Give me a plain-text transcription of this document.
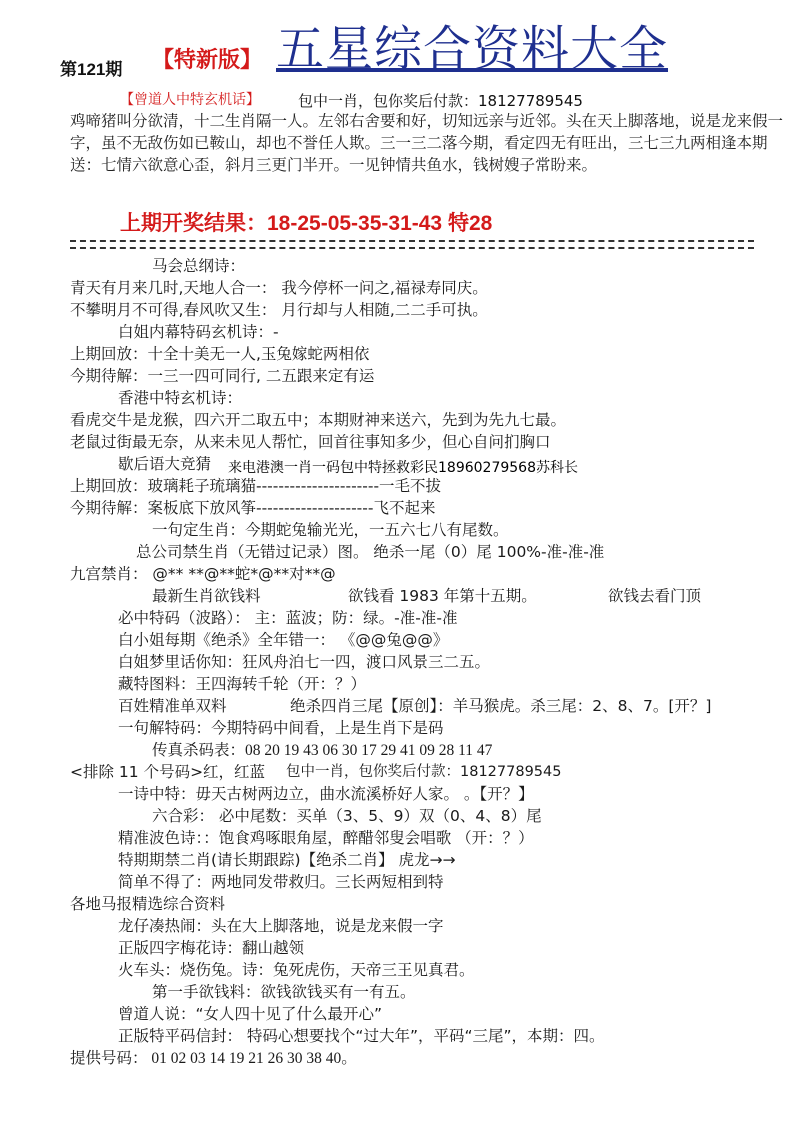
第121期 【特新版】 五星综合资料大全
【曾道人中特玄机话】	包中一肖，包你奖后付款：18127789545
鸡啼猪叫分欲清，十二生肖隔一人。左邻右舍要和好，切知远亲与近邻。头在天上脚落地，说是龙来假一字，虽不无敌伤如已鞍山，却也不誉任人欺。三一三二落今期，看定四无有旺出，三七三九两相逢本期送：七情六欲意心歪，斜月三更门半开。一见钟情共鱼水，钱树嫂子常盼来。
上期开奖结果：18-25-05-35-31-43 特28
马会总纲诗：
青天有月来几时,天地人合一： 我今停杯一问之,福禄寿同庆。
不攀明月不可得,春风吹又生： 月行却与人相随,二二手可执。
白姐内幕特码玄机诗：-
上期回放：十全十美无一人,玉兔嫁蛇两相依
今期待解：一三一四可同行, 二五跟来定有运
香港中特玄机诗：
看虎交牛是龙猴，四六开二取五中；本期财神来送六，先到为先九七最。
老鼠过街最无奈，从来未见人帮忙，回首往事知多少，但心自问扪胸口
歇后语大竞猜 来电港澳一肖一码包中特拯救彩民18960279568苏科长
上期回放：玻璃耗子琉璃猫----------------------一毛不拔
今期待解：案板底下放风筝---------------------飞不起来
一句定生肖：今期蛇兔输光光，一五六七八有尾数。
总公司禁生肖（无错过记录）图。 绝杀一尾（0）尾 100%-准-准-准
九宫禁肖： @** **@**蛇*@**对**@
最新生肖欲钱料	欲钱看 1983 年第十五期。	欲钱去看门顶
必中特码（波路）： 主：蓝波；防：绿。-准-准-准
白小姐每期《绝杀》全年错一： 《@@兔@@》
白姐梦里话你知：狂风舟泊七一四，渡口风景三二五。
藏特图料：王四海转千轮（开：？）
百姓精准单双料	绝杀四肖三尾【原创】：羊马猴虎。杀三尾：2、8、7。[开？]
一句解特码：今期特码中间看，上是生肖下是码
传真杀码表：08 20 19 43 06 30 17 29 41 09 28 11 47
<排除 11 个号码>红，红蓝 包中一肖，包你奖后付款：18127789545
一诗中特：毋天古树两边立，曲水流溪桥好人家。 。【开？】
六合彩： 必中尾数：买单（3、5、9）双（0、4、8）尾
精准波色诗：：饱食鸡啄眼角屋，醉醋邻叟会唱歌 （开：？）
特期期禁二肖(请长期跟踪)【绝杀二肖】 虎龙→→
简单不得了：两地同发带救归。三长两短相到特
各地马报精选综合资料
龙仔凑热闹：头在大上脚落地，说是龙来假一字
正版四字梅花诗：翻山越领
火车头：烧伤兔。诗：兔死虎伤，天帝三王见真君。
第一手欲钱料：欲钱欲钱买有一有五。
曾道人说：“女人四十见了什么最开心”
正版特平码信封： 特码心想要找个“过大年”，平码“三尾”，本期：四。
提供号码： 01 02 03 14 19 21 26 30 38 40。
